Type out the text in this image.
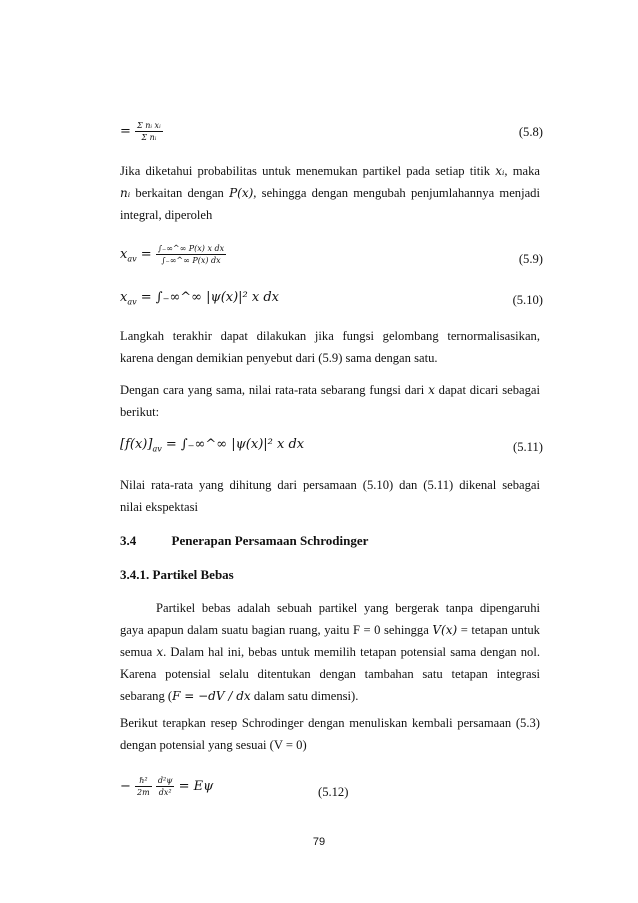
= $\frac{\text{Σ nᵢ xᵢ}}{\text{Σ nᵢ}}$	(5.8)
Jika diketahui probabilitas untuk menemukan partikel pada setiap titik xᵢ, maka
nᵢ berkaitan dengan P(x), sehingga dengan mengubah penjumlahannya menjadi
integral, diperoleh
$x_{av} = \frac{\text{∫₋∞\textasciicircum{}∞ P(x) x dx}}{\int_-\infty\^{}\infty P(x) dx}$	(5.9)
$x_{av}$ = ∫₋∞^∞ |ψ(x)|² x dx	(5.10)
Langkah terakhir dapat dilakukan jika fungsi gelombang ternormalisasikan,
karena dengan demikian penyebut dari (5.9) sama dengan satu.
Dengan cara yang sama, nilai rata-rata sebarang fungsi dari x dapat dicari sebagai
berikut:
$[f(x)]_{av}$ = ∫₋∞^∞ |ψ(x)|² x dx	(5.11)
Nilai rata-rata yang dihitung dari persamaan (5.10) dan (5.11) dikenal sebagai
nilai ekspektasi
3.4	Penerapan Persamaan Schrodinger
3.4.1. Partikel Bebas
Partikel bebas adalah sebuah partikel yang bergerak tanpa dipengaruhi
gaya apapun dalam suatu bagian ruang, yaitu F = 0 sehingga V(x) = tetapan untuk
semua x. Dalam hal ini, bebas untuk memilih tetapan potensial sama dengan nol.
Karena potensial selalu ditentukan dengan tambahan satu tetapan integrasi
sebarang (F = −dV / dx dalam satu dimensi).
Berikut terapkan resep Schrodinger dengan menuliskan kembali persamaan (5.3)
dengan potensial yang sesuai (V = 0)
− $\frac{\text{ℏ²}}{2m}$
$\frac{\text{d²ψ}}{\text{dx²}} = E\psi$	(5.12)
79
